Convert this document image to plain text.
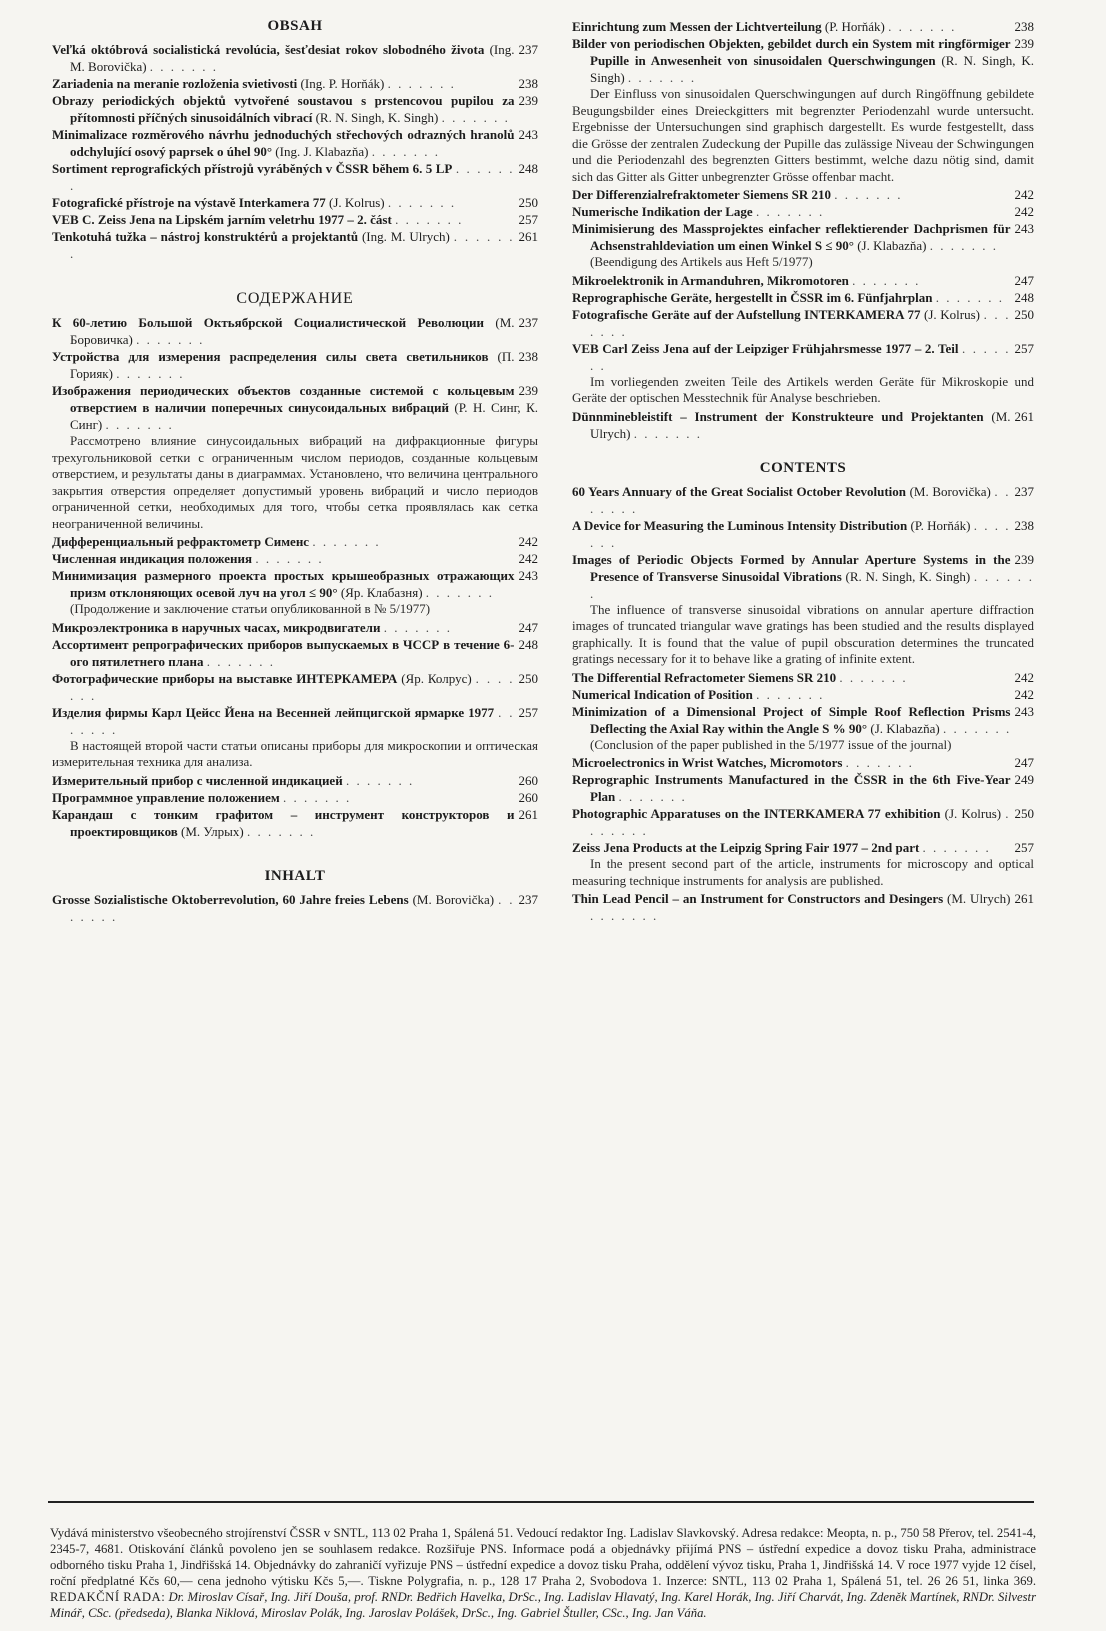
OBSAH

237
Veľká októbrová socialistická revolúcia, šesťdesiat rokov slobodného života (Ing. M. Borovička) . . . . . . .

238
Zariadenia na meranie rozloženia svietivosti (Ing. P. Horňák) . . . . . . .

239
Obrazy periodických objektů vytvořené soustavou s prstencovou pupilou za přítomnosti příčných sinusoidálních vibrací (R. N. Singh, K. Singh) . . . . . . .

243
Minimalizace rozměrového návrhu jednoduchých střechových odrazných hranolů odchylující osový paprsek o úhel 90° (Ing. J. Klabazňa) . . . . . . .

248
Sortiment reprografických přístrojů vyráběných v ČSSR během 6. 5 LP . . . . . . .

250
Fotografické přístroje na výstavě Interkamera 77 (J. Kolrus) . . . . . . .

257
VEB C. Zeiss Jena na Lipském jarním veletrhu 1977 – 2. část . . . . . . .

261
Tenkotuhá tužka – nástroj konstruktérů a projektantů (Ing. M. Ulrych) . . . . . . .

СОДЕРЖАНИЕ

237
К 60-летию Большой Октьябрской Социалистической Революции (М. Боровичка) . . . . . . .

238
Устройства для измерения распределения силы света светильников (П. Горияк) . . . . . . .

239
Изображения периодических объектов созданные системой с кольцевым отверстием в наличии поперечных синусоидальных вибраций (Р. Н. Синг, К. Синг) . . . . . . .

Рассмотрено влияние синусоидальных вибраций на дифракционные фигуры трехугольниковой сетки с ограниченным числом периодов, созданные кольцевым отверстием, и результаты даны в диаграммах. Установлено, что величина центрального закрытия отверстия определяет допустимый уровень вибраций и число периодов ограниченной сетки, необходимых для того, чтобы сетка проявлялась как сетка неограниченной величины.

242
Дифференциальный рефрактометр Сименс . . . . . . .

242
Численная индикация положения . . . . . . .

243
Минимизация размерного проекта простых крышеобразных отражающих призм отклоняющих осевой луч на угол ≤ 90° (Яр. Клабазня) . . . . . . .

(Продолжение и заключение статьи опубликованной в № 5/1977)

247
Микроэлектроника в наручных часах, микродвигатели . . . . . . .

248
Ассортимент репрографических приборов выпускаемых в ЧССР в течение 6-ого пятилетнего плана . . . . . . .

250
Фотографические приборы на выставке ИНТЕРКАМЕРА (Яр. Колрус) . . . . . . .

257
Изделия фирмы Карл Цейсс Йена на Весенней лейпцигской ярмарке 1977 . . . . . . .

В настоящей второй части статьи описаны приборы для микроскопии и оптическая измерительная техника для анализа.

260
Измерительный прибор с численной индикацией . . . . . . .

260
Программное управление положением . . . . . . .

261
Карандаш с тонким графитом – инструмент конструкторов и проектировщиков (М. Улрых) . . . . . . .

INHALT

237
Grosse Sozialistische Oktoberrevolution, 60 Jahre freies Lebens (M. Borovička) . . . . . . .

238
Einrichtung zum Messen der Lichtverteilung (P. Horňák) . . . . . . .

239
Bilder von periodischen Objekten, gebildet durch ein System mit ringförmiger Pupille in Anwesenheit von sinusoidalen Querschwingungen (R. N. Singh, K. Singh) . . . . . . .

Der Einfluss von sinusoidalen Querschwingungen auf durch Ringöffnung gebildete Beugungsbilder eines Dreieckgitters mit begrenzter Periodenzahl wurde untersucht. Ergebnisse der Untersuchungen sind graphisch dargestellt. Es wurde festgestellt, dass die Grösse der zentralen Zudeckung der Pupille das zulässige Niveau der Schwingungen und die Periodenzahl des begrenzten Gitters bestimmt, welche dazu nötig sind, damit sich das Gitter als Gitter unbegrenzter Grösse offenbar macht.

242
Der Differenzialrefraktometer Siemens SR 210 . . . . . . .

242
Numerische Indikation der Lage . . . . . . .

243
Minimisierung des Massprojektes einfacher reflektierender Dachprismen für Achsenstrahldeviation um einen Winkel S ≤ 90° (J. Klabazňa) . . . . . . .

(Beendigung des Artikels aus Heft 5/1977)

247
Mikroelektronik in Armanduhren, Mikromotoren . . . . . . .

248
Reprographische Geräte, hergestellt in ČSSR im 6. Fünfjahrplan . . . . . . .

250
Fotografische Geräte auf der Aufstellung INTERKAMERA 77 (J. Kolrus) . . . . . . .

257
VEB Carl Zeiss Jena auf der Leipziger Frühjahrsmesse 1977 – 2. Teil . . . . . . .

Im vorliegenden zweiten Teile des Artikels werden Geräte für Mikroskopie und Geräte der optischen Messtechnik für Analyse beschrieben.

261
Dünnminebleistift – Instrument der Konstrukteure und Projektanten (M. Ulrych) . . . . . . .

CONTENTS

237
60 Years Annuary of the Great Socialist October Revolution (M. Borovička) . . . . . . .

238
A Device for Measuring the Luminous Intensity Distribution (P. Horňák) . . . . . . .

239
Images of Periodic Objects Formed by Annular Aperture Systems in the Presence of Transverse Sinusoidal Vibrations (R. N. Singh, K. Singh) . . . . . . .

The influence of transverse sinusoidal vibrations on annular aperture diffraction images of truncated triangular wave gratings has been studied and the results displayed graphically. It is found that the value of pupil obscuration determines the truncated gratings necessary for it to behave like a grating of infinite extent.

242
The Differential Refractometer Siemens SR 210 . . . . . . .

242
Numerical Indication of Position . . . . . . .

243
Minimization of a Dimensional Project of Simple Roof Reflection Prisms Deflecting the Axial Ray within the Angle S % 90° (J. Klabazňa) . . . . . . .

(Conclusion of the paper published in the 5/1977 issue of the journal)

247
Microelectronics in Wrist Watches, Micromotors . . . . . . .

249
Reprographic Instruments Manufactured in the ČSSR in the 6th Five-Year Plan . . . . . . .

250
Photographic Apparatuses on the INTERKAMERA 77 exhibition (J. Kolrus) . . . . . . .

257
Zeiss Jena Products at the Leipzig Spring Fair 1977 – 2nd part . . . . . . .

In the present second part of the article, instruments for microscopy and optical measuring technique instruments for analysis are published.

261
Thin Lead Pencil – an Instrument for Constructors and Desingers (M. Ulrych) . . . . . . .

Vydává ministerstvo všeobecného strojírenství ČSSR v SNTL, 113 02 Praha 1, Spálená 51. Vedoucí redaktor Ing. Ladislav Slavkovský. Adresa redakce: Meopta, n. p., 750 58 Přerov, tel. 2541-4, 2345-7, 4681. Otiskování článků povoleno jen se souhlasem redakce. Rozšiřuje PNS. Informace podá a objednávky přijímá PNS – ústřední expedice a dovoz tisku Praha, administrace odborného tisku Praha 1, Jindřišská 14. Objednávky do zahraničí vyřizuje PNS – ústřední expedice a dovoz tisku Praha, oddělení vývoz tisku, Praha 1, Jindřišská 14. V roce 1977 vyjde 12 čísel, roční předplatné Kčs 60,— cena jednoho výtisku Kčs 5,—. Tiskne Polygrafia, n. p., 128 17 Praha 2, Svobodova 1. Inzerce: SNTL, 113 02 Praha 1, Spálená 51, tel. 26 26 51, linka 369. REDAKČNÍ RADA: Dr. Miroslav Císař, Ing. Jiří Douša, prof. RNDr. Bedřich Havelka, DrSc., Ing. Ladislav Hlavatý, Ing. Karel Horák, Ing. Jiří Charvát, Ing. Zdeněk Martínek, RNDr. Silvestr Minář, CSc. (předseda), Blanka Niklová, Miroslav Polák, Ing. Jaroslav Polášek, DrSc., Ing. Gabriel Štuller, CSc., Ing. Jan Váňa.
